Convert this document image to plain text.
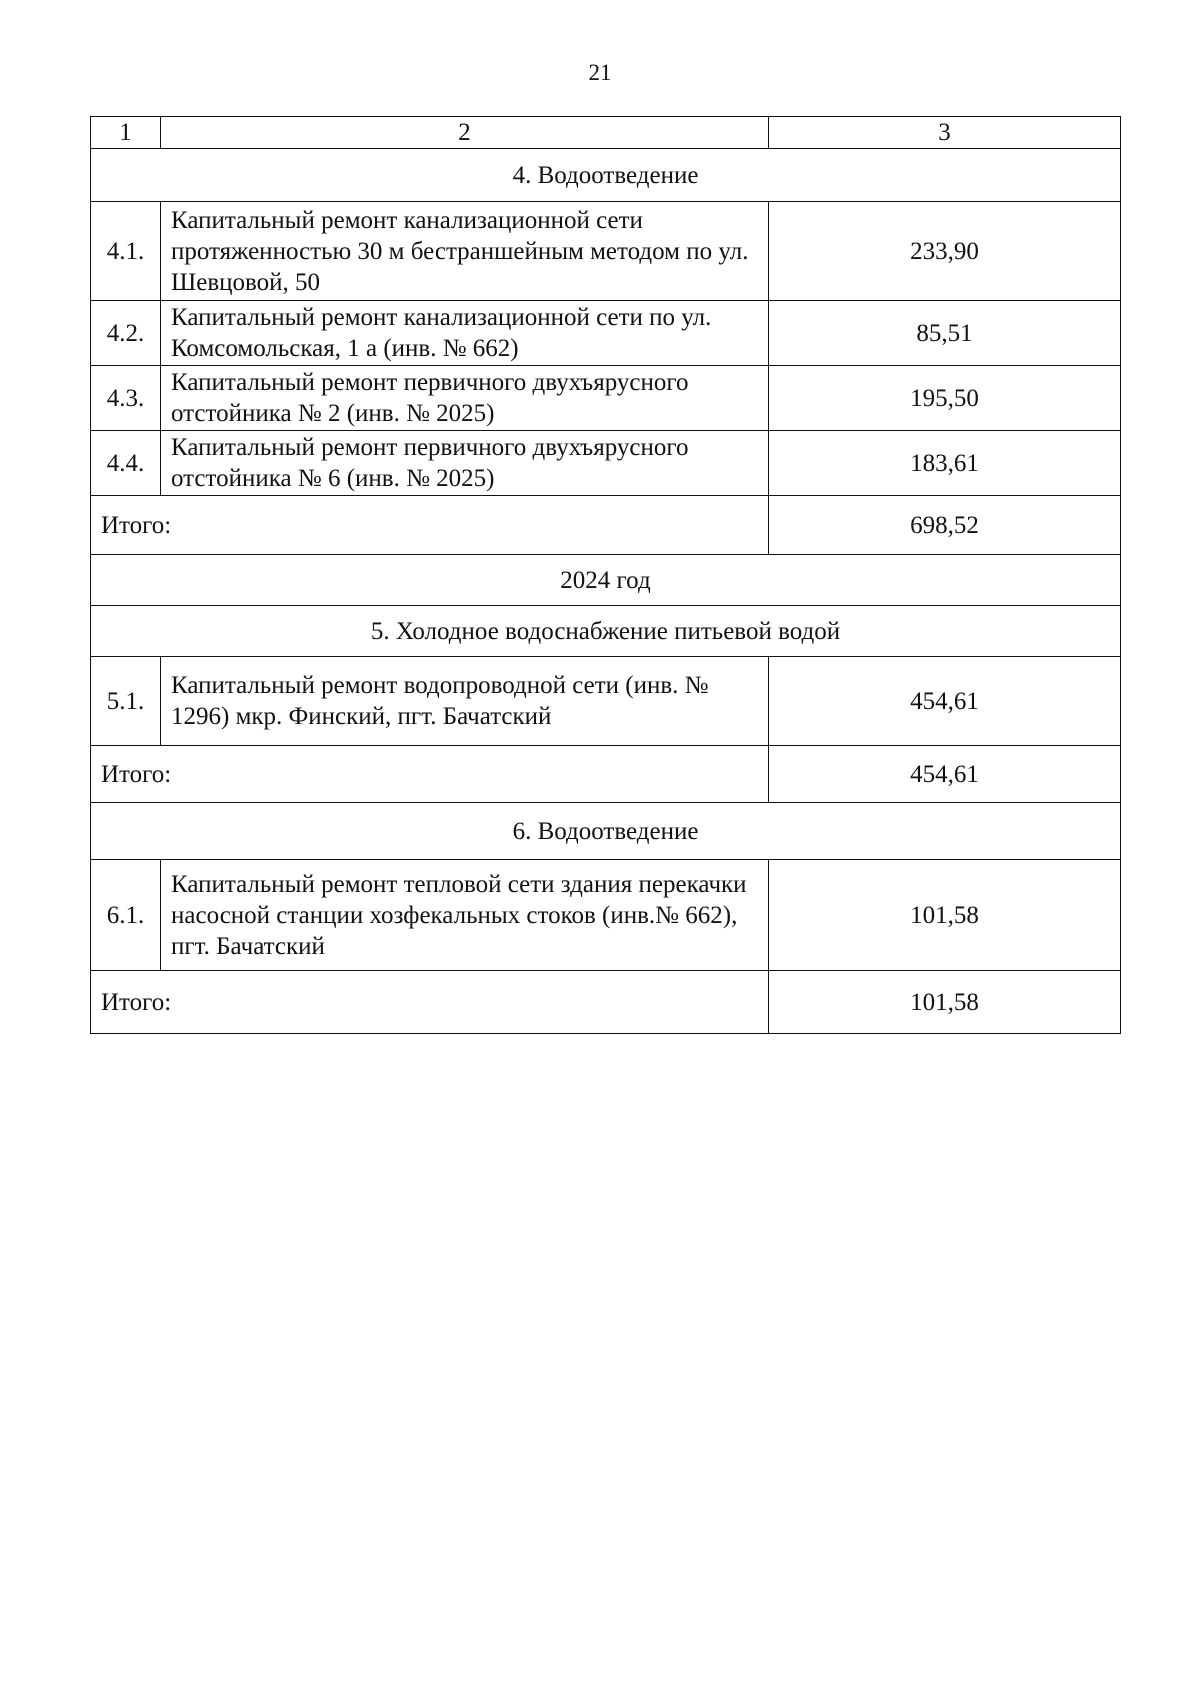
21
1	2	3
4. Водоотведение		
4.1.	Капитальный ремонт канализационной сети протяженностью 30 м бестраншейным методом по ул. Шевцовой, 50	233,90
4.2.	Капитальный ремонт канализационной сети по ул. Комсомольская, 1 а (инв. № 662)	85,51
4.3.	Капитальный ремонт первичного двухъярусного отстойника № 2 (инв. № 2025)	195,50
4.4.	Капитальный ремонт первичного двухъярусного отстойника № 6 (инв. № 2025)	183,61
Итого:		698,52
2024 год		
5. Холодное водоснабжение питьевой водой		
5.1.	Капитальный ремонт водопроводной сети (инв. № 1296) мкр. Финский, пгт. Бачатский	454,61
Итого:		454,61
6. Водоотведение		
6.1.	Капитальный ремонт тепловой сети здания перекачки насосной станции хозфекальных стоков (инв.№ 662), пгт. Бачатский	101,58
Итого:		101,58
